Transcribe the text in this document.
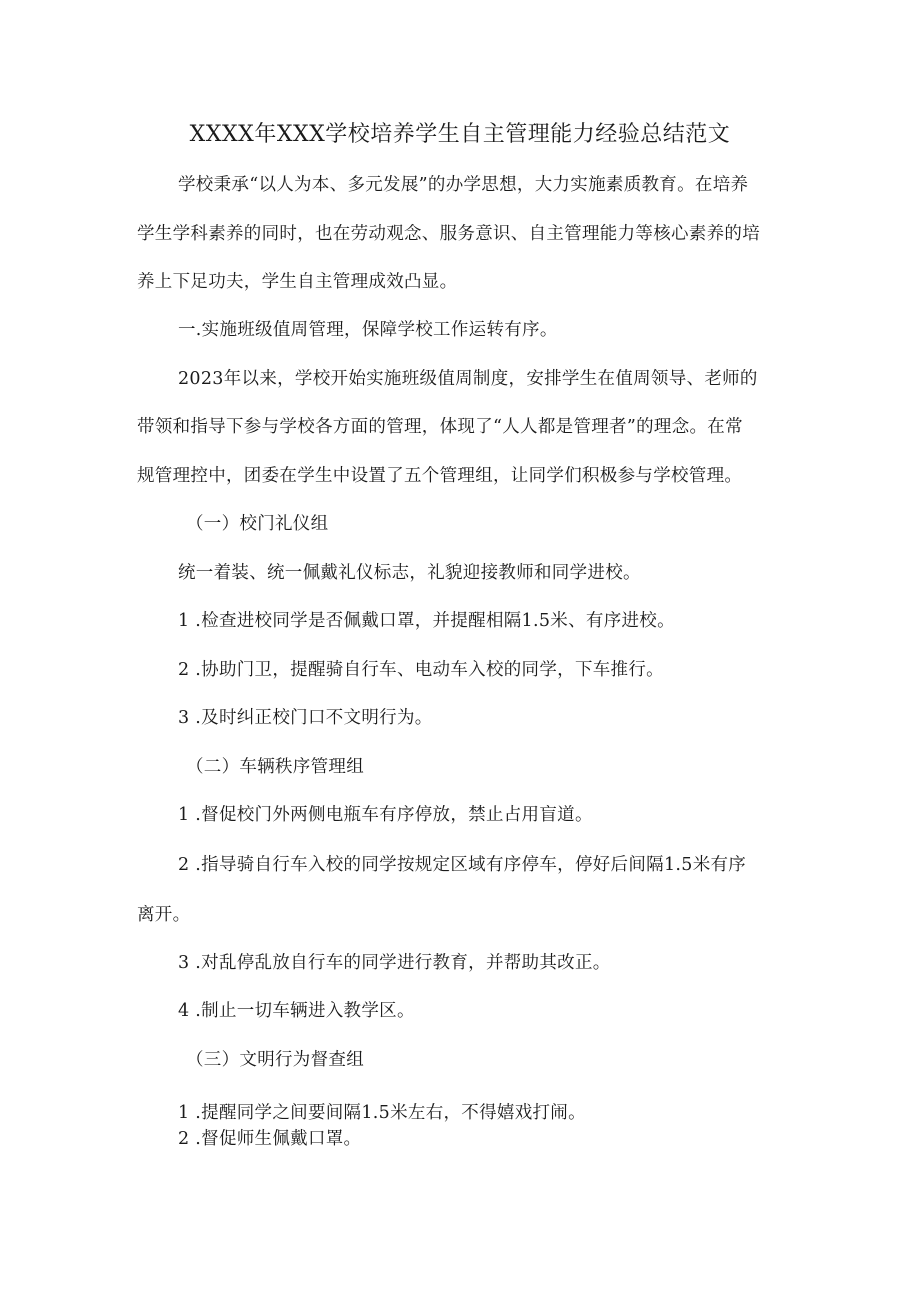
XXXX年XXX学校培养学生自主管理能力经验总结范文
学校秉承“以人为本、多元发展”的办学思想，大力实施素质教育。在培养
学生学科素养的同时，也在劳动观念、服务意识、自主管理能力等核心素养的培
养上下足功夫，学生自主管理成效凸显。
一.实施班级值周管理，保障学校工作运转有序。
2023年以来，学校开始实施班级值周制度，安排学生在值周领导、老师的
带领和指导下参与学校各方面的管理，体现了“人人都是管理者”的理念。在常
规管理控中，团委在学生中设置了五个管理组，让同学们积极参与学校管理。
（一）校门礼仪组
统一着装、统一佩戴礼仪标志，礼貌迎接教师和同学进校。
1 .检查进校同学是否佩戴口罩，并提醒相隔1.5米、有序进校。
2 .协助门卫，提醒骑自行车、电动车入校的同学，下车推行。
3 .及时纠正校门口不文明行为。
（二）车辆秩序管理组
1 .督促校门外两侧电瓶车有序停放，禁止占用盲道。
2 .指导骑自行车入校的同学按规定区域有序停车，停好后间隔1.5米有序
离开。
3 .对乱停乱放自行车的同学进行教育，并帮助其改正。
4 .制止一切车辆进入教学区。
（三）文明行为督查组
1 .提醒同学之间要间隔1.5米左右，不得嬉戏打闹。
2 .督促师生佩戴口罩。
